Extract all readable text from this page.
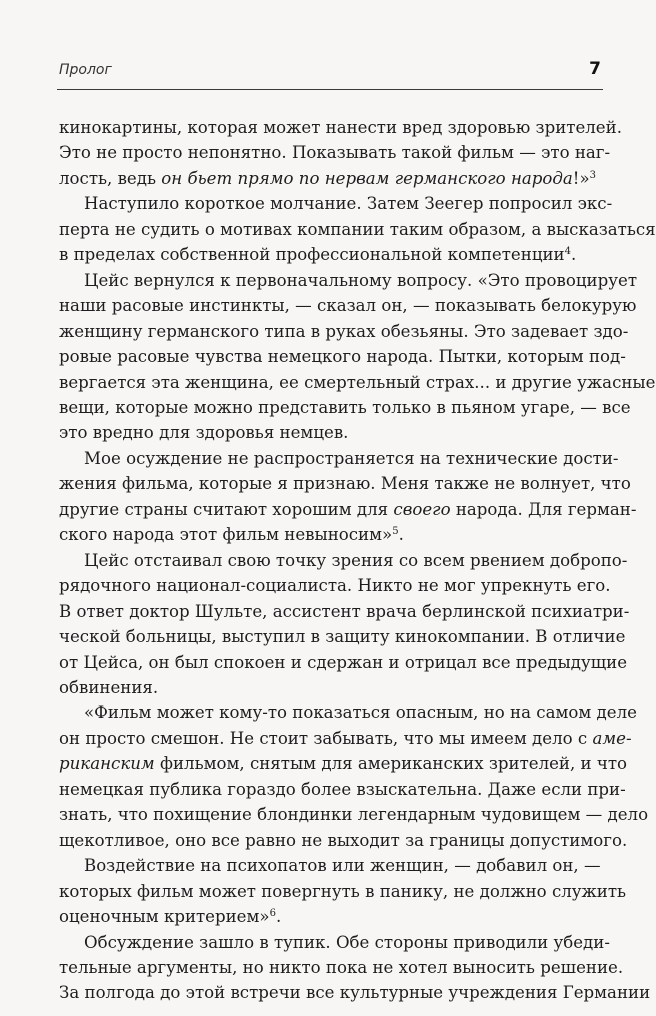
Пролог	7

кинокартины, которая может нанести вред здоровью зрителей.
Это не просто непонятно. Показывать такой фильм — это наг-
лость, ведь он бьет прямо по нервам германского народа!»$^3$

Наступило короткое молчание. Затем Зеегер попросил экс-
перта не судить о мотивах компании таким образом, а высказаться
в пределах собственной профессиональной компетенции$^4$.

Цейс вернулся к первоначальному вопросу. «Это провоцирует
наши расовые инстинкты, — сказал он, — показывать белокурую
женщину германского типа в руках обезьяны. Это задевает здо-
ровые расовые чувства немецкого народа. Пытки, которым под-
вергается эта женщина, ее смертельный страх... и другие ужасные
вещи, которые можно представить только в пьяном угаре, — все
это вредно для здоровья немцев.

Мое осуждение не распространяется на технические дости-
жения фильма, которые я признаю. Меня также не волнует, что
другие страны считают хорошим для своего народа. Для герман-
ского народа этот фильм невыносим»$^5$.

Цейс отстаивал свою точку зрения со всем рвением добропо-
рядочного национал-социалиста. Никто не мог упрекнуть его.
В ответ доктор Шульте, ассистент врача берлинской психиатри-
ческой больницы, выступил в защиту кинокомпании. В отличие
от Цейса, он был спокоен и сдержан и отрицал все предыдущие
обвинения.

«Фильм может кому-то показаться опасным, но на самом деле
он просто смешон. Не стоит забывать, что мы имеем дело с аме-
риканским фильмом, снятым для американских зрителей, и что
немецкая публика гораздо более взыскательна. Даже если при-
знать, что похищение блондинки легендарным чудовищем — дело
щекотливое, оно все равно не выходит за границы допустимого.

Воздействие на психопатов или женщин, — добавил он, —
которых фильм может повергнуть в панику, не должно служить
оценочным критерием»$^6$.

Обсуждение зашло в тупик. Обе стороны приводили убеди-
тельные аргументы, но никто пока не хотел выносить решение.
За полгода до этой встречи все культурные учреждения Германии
